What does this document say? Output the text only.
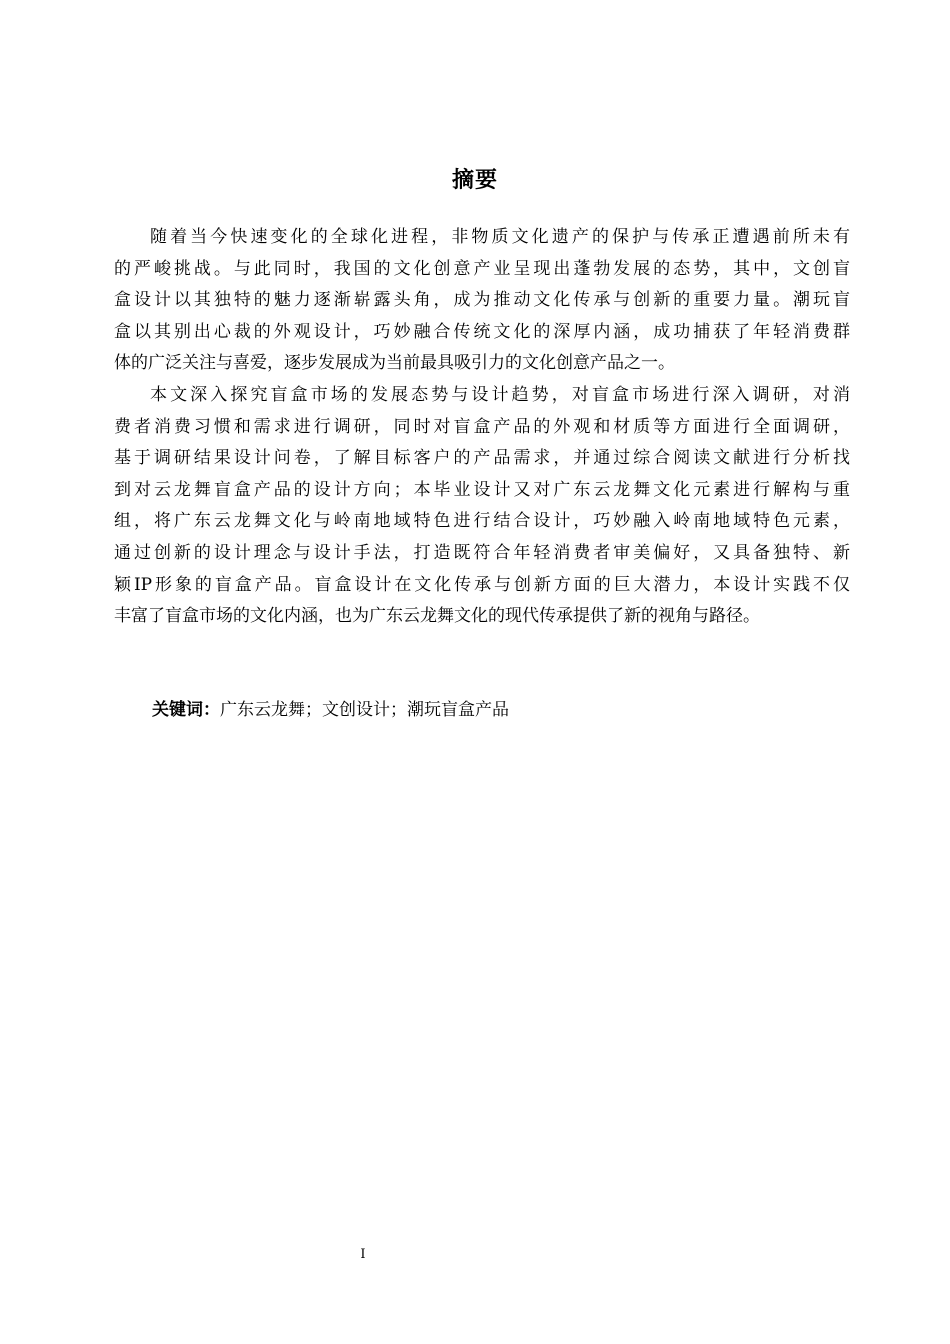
摘要
随着当今快速变化的全球化进程，非物质文化遗产的保护与传承正遭遇前所未有
的严峻挑战。与此同时，我国的文化创意产业呈现出蓬勃发展的态势，其中，文创盲
盒设计以其独特的魅力逐渐崭露头角，成为推动文化传承与创新的重要力量。潮玩盲
盒以其别出心裁的外观设计，巧妙融合传统文化的深厚内涵，成功捕获了年轻消费群
体的广泛关注与喜爱，逐步发展成为当前最具吸引力的文化创意产品之一。
本文深入探究盲盒市场的发展态势与设计趋势，对盲盒市场进行深入调研，对消
费者消费习惯和需求进行调研，同时对盲盒产品的外观和材质等方面进行全面调研，
基于调研结果设计问卷，了解目标客户的产品需求，并通过综合阅读文献进行分析找
到对云龙舞盲盒产品的设计方向；本毕业设计又对广东云龙舞文化元素进行解构与重
组，将广东云龙舞文化与岭南地域特色进行结合设计，巧妙融入岭南地域特色元素，
通过创新的设计理念与设计手法，打造既符合年轻消费者审美偏好，又具备独特、新
颖IP形象的盲盒产品。盲盒设计在文化传承与创新方面的巨大潜力，本设计实践不仅
丰富了盲盒市场的文化内涵，也为广东云龙舞文化的现代传承提供了新的视角与路径。
关键词：广东云龙舞；文创设计；潮玩盲盒产品
I
